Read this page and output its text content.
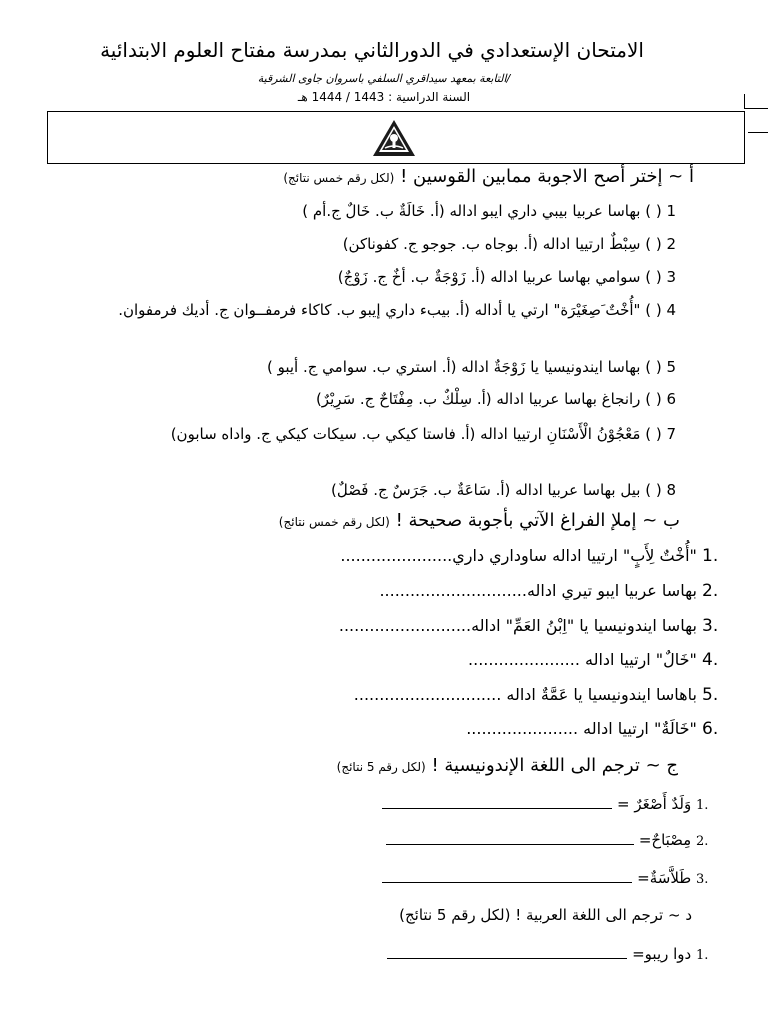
الامتحان الإستعدادي في الدورالثاني بمدرسة مفتاح العلوم الابتدائية
/التابعة بمعهد سيداقري السلفي باسروان جاوى الشرقية
السنة الدراسية : 1443 / 1444 هـ
أ ~ إختر أصح الاجوبة ممابين القوسين ! (لكل رقم خمس نتائج)
1 ( ) بهاسا عربيا بيبي داري ايبو اداله (أ. خَالَةٌ ب. خَالٌ ج.أم )
2 ( ) سِبْطٌ ارتييا اداله (أ. بوجاه ب. جوجو ج. كفوناكن)
3 ( ) سوامي بهاسا عربيا اداله (أ. زَوْجَةٌ ب. أخٌ ج. زَوْجٌ)
4 ( ) "أُخْتٌ َصِغَيْرَة" ارتي يا أداله (أ. بيبء داري إيبو ب. كاكاء فرمفــوان ج. أديك فرمفوان.
5 ( ) بهاسا ايندونيسيا يا زَوْجَةٌ اداله (أ. استري ب. سوامي ج. أيبو )
6 ( ) رانجاغ بهاسا عربيا اداله (أ. سِلْكٌ ب. مِفْتَاحٌ ج. سَرِيْرٌ)
7 ( ) مَعْجُوْنُ الْأَسْنَانِ ارتييا اداله (أ. فاستا كيكي ب. سيكات كيكي ج. واداه سابون)
8 ( ) بيل بهاسا عربيا اداله (أ. سَاعَةٌ ب. جَرَسٌ ج. فَصْلٌ)
ب ~ إملإ الفراغ الآتي بأجوبة صحيحة ! (لكل رقم خمس نتائج)
.1 "أُخْتٌ لِأَبٍ" ارتييا اداله ساوداري داري......................
.2 بهاسا عربيا ايبو تيري اداله.............................
.3 بهاسا ايندونيسيا يا "اِبْنُ العَمِّ" اداله..........................
.4 "خَالٌ" ارتييا اداله ......................
.5 باهاسا ايندونيسيا يا عَمَّةٌ اداله .............................
.6 "خَالَةٌ" ارتييا اداله ......................
ج ~ ترجم الى اللغة الإندونيسية ! (لكل رقم 5 نتائج)
.1 وَلَدٌ أَصْغَرٌ =
.2 مِصْبَاحٌ=
.3 طَلاَّسَةٌ=
د ~ ترجم الى اللغة العربية ! (لكل رقم 5 نتائج)
.1 دوا ريبو=
